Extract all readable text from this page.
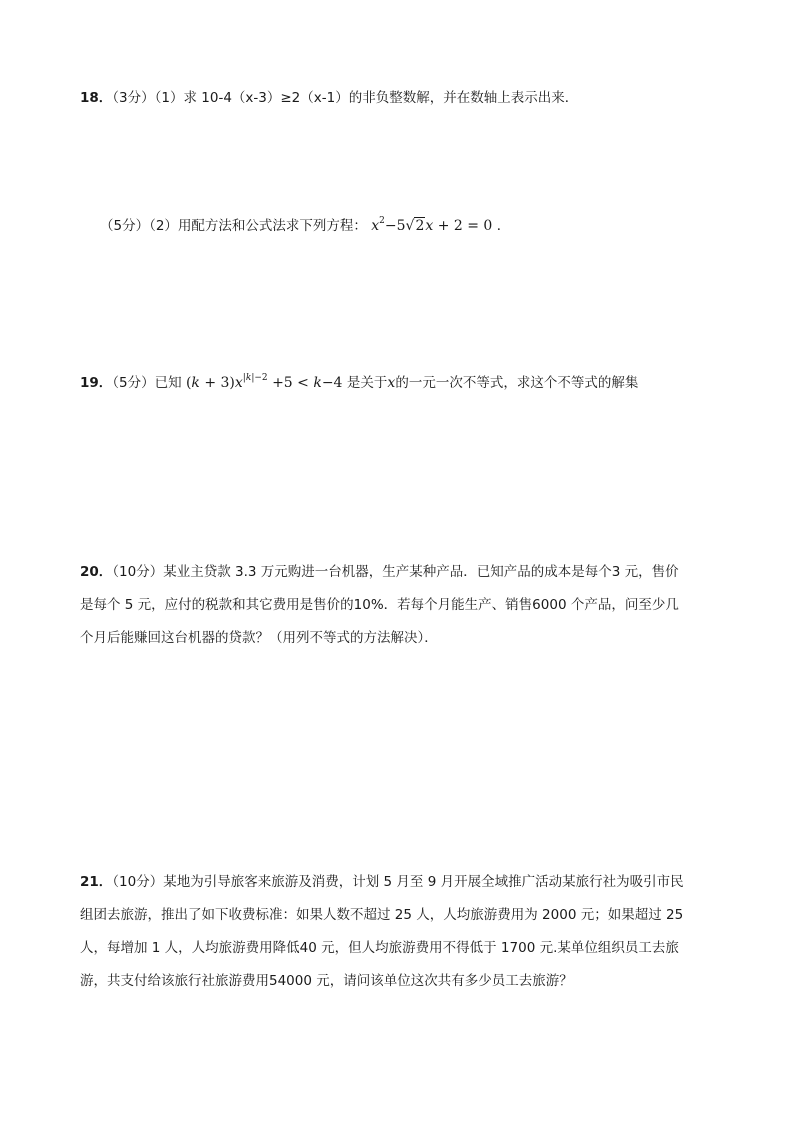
18．（3分）（1）求 10-4（x-3）≥2（x-1）的非负整数解，并在数轴上表示出来．
（5分）（2）用配方法和公式法求下列方程： $x^2-5√2x + 2 = 0$ ．
19．（5分）已知 $(k + 3)x^{|k|-2} +5 < k-4$ 是关于x的一元一次不等式，求这个不等式的解集
20．（10分）某业主贷款 3.3 万元购进一台机器，生产某种产品．已知产品的成本是每个3 元，售价
是每个 5 元，应付的税款和其它费用是售价的10%．若每个月能生产、销售6000 个产品，问至少几
个月后能赚回这台机器的贷款？（用列不等式的方法解决）．
21．（10分）某地为引导旅客来旅游及消费，计划 5 月至 9 月开展全域推广活动某旅行社为吸引市民
组团去旅游，推出了如下收费标准：如果人数不超过 25 人，人均旅游费用为 2000 元；如果超过 25
人，每增加 1 人，人均旅游费用降低40 元，但人均旅游费用不得低于 1700 元.某单位组织员工去旅
游，共支付给该旅行社旅游费用54000 元，请问该单位这次共有多少员工去旅游？
